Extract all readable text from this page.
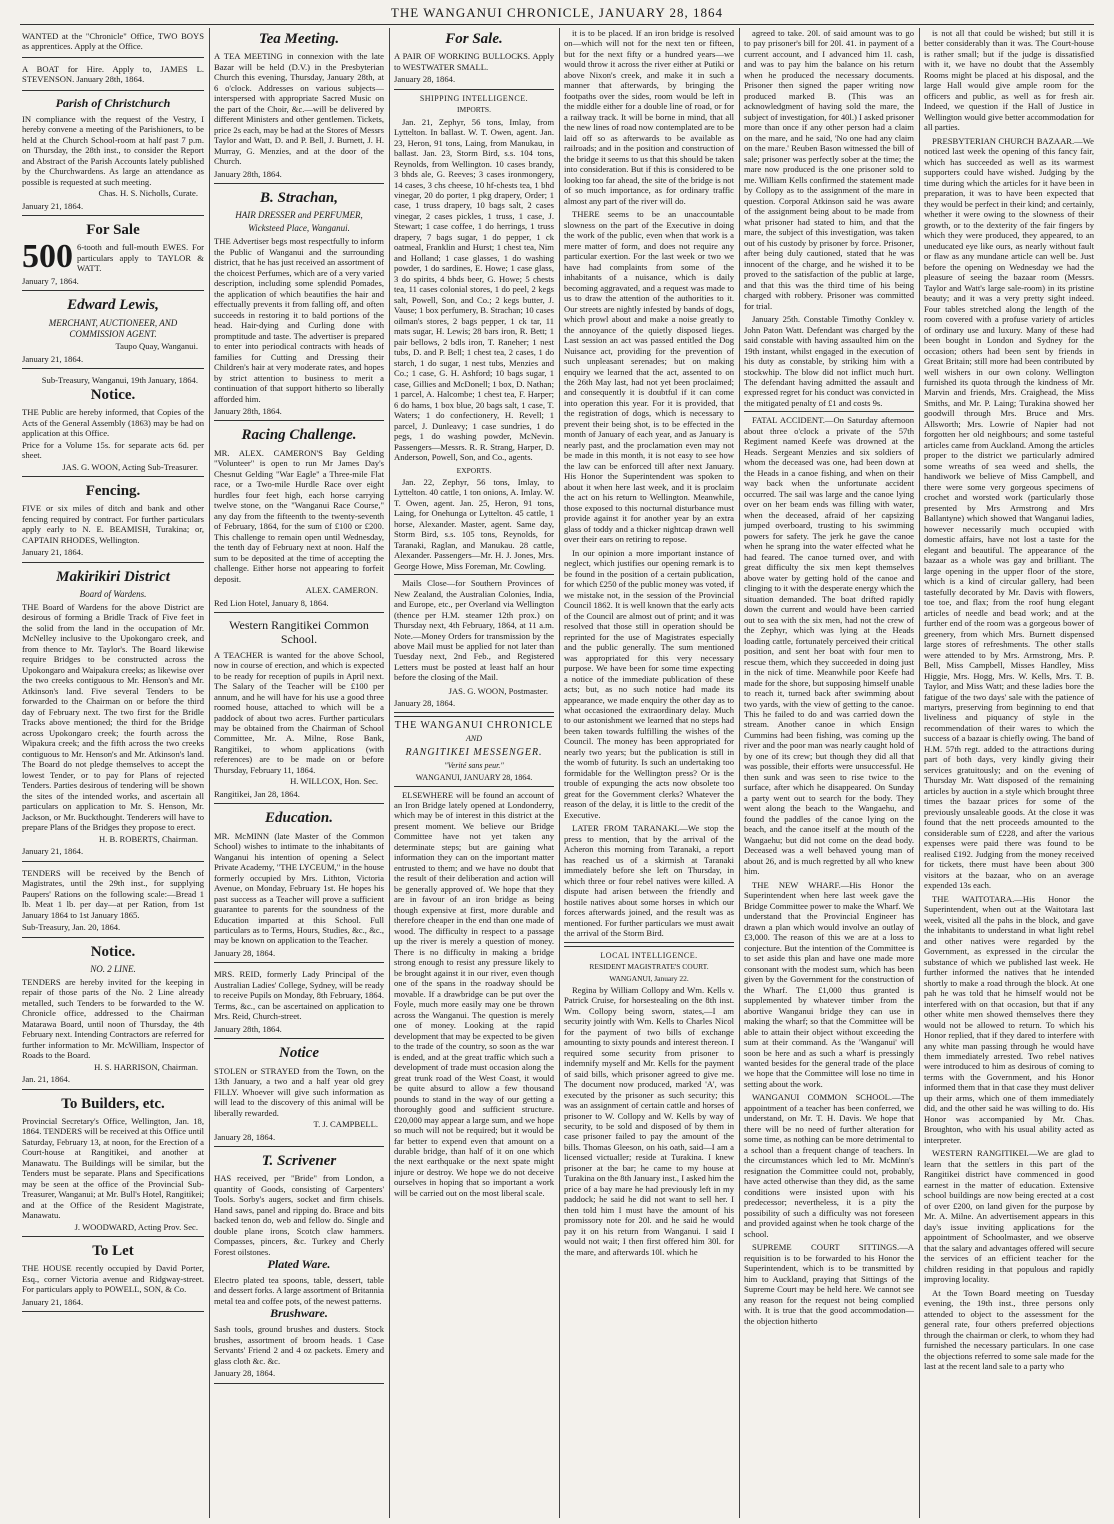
THE WANGANUI CHRONICLE, JANUARY 28, 1864

WANTED at the "Chronicle" Office, TWO BOYS as apprentices. Apply at the Office.

A BOAT for Hire. Apply to, JAMES L. STEVENSON. January 28th, 1864.

Parish of Christchurch

IN compliance with the request of the Vestry, I hereby convene a meeting of the Parishioners, to be held at the Church School-room at half past 7 p.m. on Thursday, the 28th inst., to consider the Report and Abstract of the Parish Accounts lately published by the Churchwardens. As large an attendance as possible is requested at such meeting.

Chas. H. S. Nicholls, Curate.
January 21, 1864.
For Sale
500 6-tooth and full-mouth EWES. For particulars apply to TAYLOR & WATT.

January 7, 1864.
Edward Lewis,
MERCHANT, AUCTIONEER, AND COMMISSION AGENT.
Taupo Quay, Wanganui.
January 21, 1864.
Sub-Treasury, Wanganui, 19th January, 1864.
Notice.

THE Public are hereby informed, that Copies of the Acts of the General Assembly (1863) may be had on application at this Office.

Price for a Volume 15s. for separate acts 6d. per sheet.

JAS. G. WOON, Acting Sub-Treasurer.
Fencing.

FIVE or six miles of ditch and bank and other fencing required by contract. For further particulars apply early to N. E. BEAMISH, Turakina; or, CAPTAIN RHODES, Wellington.

January 21, 1864.
Makirikiri District
Board of Wardens.

THE Board of Wardens for the above District are desirous of forming a Bridle Track of Five feet in the solid from the land in the occupation of Mr. McNelley inclusive to the Upokongaro creek, and from thence to Mr. Taylor's. The Board likewise require Bridges to be constructed across the Upokongaro and Waipakura creeks; as likewise over the two creeks contiguous to Mr. Henson's and Mr. Atkinson's land. Five several Tenders to be forwarded to the Chairman on or before the third day of February next. The two first for the Bridle Tracks above mentioned; the third for the Bridge across Upokongaro creek; the fourth across the Wipakura creek; and the fifth across the two creeks contiguous to Mr. Henson's and Mr. Atkinson's land. The Board do not pledge themselves to accept the lowest Tender, or to pay for Plans of rejected Tenders. Parties desirous of tendering will be shown the sites of the intended works, and ascertain all particulars on application to Mr. S. Henson, Mr. Jackson, or Mr. Buckthought. Tenderers will have to prepare Plans of the Bridges they propose to erect.

H. B. ROBERTS, Chairman.
January 21, 1864.

TENDERS will be received by the Bench of Magistrates, until the 29th inst., for supplying Paupers' Rations on the following scale:—Bread 1 lb. Meat 1 lb. per day—at per Ration, from 1st January 1864 to 1st January 1865.

Sub-Treasury, Jan. 20, 1864.
Notice.
NO. 2 LINE.

TENDERS are hereby invited for the keeping in repair of those parts of the No. 2 Line already metalled, such Tenders to be forwarded to the W. Chronicle office, addressed to the Chairman Matarawa Board, until noon of Thursday, the 4th February next. Intending Contractors are referred for further information to Mr. McWilliam, Inspector of Roads to the Board.

H. S. HARRISON, Chairman.
Jan. 21, 1864.
To Builders, etc.

Provincial Secretary's Office, Wellington, Jan. 18, 1864. TENDERS will be received at this Office until Saturday, February 13, at noon, for the Erection of a Court-house at Rangitikei, and another at Manawatu. The Buildings will be similar, but the Tenders must be separate. Plans and Specifications may be seen at the office of the Provincial Sub-Treasurer, Wanganui; at Mr. Bull's Hotel, Rangitikei; and at the Office of the Resident Magistrate, Manawatu.

J. WOODWARD, Acting Prov. Sec.
To Let

THE HOUSE recently occupied by David Porter, Esq., corner Victoria avenue and Ridgway-street. For particulars apply to POWELL, SON, & Co.

January 21, 1864.
Tea Meeting.

A TEA MEETING in connexion with the late Bazar will be held (D.V.) in the Presbyterian Church this evening, Thursday, January 28th, at 6 o'clock. Addresses on various subjects—interspersed with appropriate Sacred Music on the part of the Choir, &c.—will be delivered by different Ministers and other gentlemen. Tickets, price 2s each, may be had at the Stores of Messrs Taylor and Watt, D. and P. Bell, J. Burnett, J. H. Murray, G. Menzies, and at the door of the Church.

January 28th, 1864.
B. Strachan,
HAIR DRESSER and PERFUMER,
Wicksteed Place, Wanganui.

THE Advertiser begs most respectfully to inform the Public of Wanganui and the surrounding district, that he has just received an assortment of the choicest Perfumes, which are of a very varied description, including some splendid Pomades, the application of which beautifies the hair and effectually prevents it from falling off, and often succeeds in restoring it to bald portions of the head. Hair-dying and Curling done with promptitude and taste. The advertiser is prepared to enter into periodical contracts with heads of families for Cutting and Dressing their Children's hair at very moderate rates, and hopes by strict attention to business to merit a continuation of that support hitherto so liberally afforded him.

January 28th, 1864.
Racing Challenge.

MR. ALEX. CAMERON'S Bay Gelding "Volunteer" is open to run Mr James Day's Chesnut Gelding "War Eagle" a Three-mile Flat race, or a Two-mile Hurdle Race over eight hurdles four feet high, each horse carrying twelve stone, on the "Wanganui Race Course," any day from the fifteenth to the twenty-seventh of February, 1864, for the sum of £100 or £200. This challenge to remain open until Wednesday, the tenth day of February next at noon. Half the sum to be deposited at the time of accepting the challenge. Either horse not appearing to forfeit deposit.

ALEX. CAMERON.
Red Lion Hotel, January 8, 1864.
Western Rangitikei Common School.

A TEACHER is wanted for the above School, now in course of erection, and which is expected to be ready for reception of pupils in April next. The Salary of the Teacher will be £100 per annum, and he will have for his use a good three roomed house, attached to which will be a paddock of about two acres. Further particulars may be obtained from the Chairman of School Committee, Mr. A. Milne, Rose Bank, Rangitikei, to whom applications (with references) are to be made on or before Thursday, February 11, 1864.

H. WILLCOX, Hon. Sec.
Rangitikei, Jan 28, 1864.
Education.

MR. McMINN (late Master of the Common School) wishes to intimate to the inhabitants of Wanganui his intention of opening a Select Private Academy, "THE LYCEUM," in the house formerly occupied by Mrs. Lithton, Victoria Avenue, on Monday, February 1st. He hopes his past success as a Teacher will prove a sufficient guarantee to parents for the soundness of the Education imparted at this School. Full particulars as to Terms, Hours, Studies, &c., &c., may be known on application to the Teacher.

January 28, 1864.

MRS. REID, formerly Lady Principal of the Australian Ladies' College, Sydney, will be ready to receive Pupils on Monday, 8th February, 1864. Terms, &c., can be ascertained on application to Mrs. Reid, Church-street.

January 28th, 1864.
Notice

STOLEN or STRAYED from the Town, on the 13th January, a two and a half year old grey FILLY. Whoever will give such information as will lead to the discovery of this animal will be liberally rewarded.

T. J. CAMPBELL.
January 28, 1864.
T. Scrivener

HAS received, per "Bride" from London, a quantity of Goods, consisting of Carpenters' Tools. Sorby's augers, socket and firm chisels. Hand saws, panel and ripping do. Brace and bits backed tenon do, web and fellow do. Single and double plane irons, Scotch claw hammers. Compasses, pincers, &c. Turkey and Cherly Forest oilstones.

Plated Ware.

Electro plated tea spoons, table, dessert, table and dessert forks. A large assortment of Britannia metal tea and coffee pots, of the newest patterns.

Brushware.

Sash tools, ground brushes and dusters. Stock brushes, assortment of broom heads. 1 Case Servants' Friend 2 and 4 oz packets. Emery and glass cloth &c. &c.

January 28, 1864.
For Sale.

A PAIR OF WORKING BULLOCKS. Apply to WESTWATER SMALL.

January 28, 1864.
SHIPPING INTELLIGENCE.
IMPORTS.

Jan. 21, Zephyr, 56 tons, Imlay, from Lyttelton. In ballast. W. T. Owen, agent. Jan. 23, Heron, 91 tons, Laing, from Manukau, in ballast. Jan. 23, Storm Bird, s.s. 104 tons, Reynolds, from Wellington. 10 cases brandy, 3 bhds ale, G. Reeves; 3 cases ironmongery, 14 cases, 3 chs cheese, 10 hf-chests tea, 1 bhd vinegar, 20 do porter, 1 pkg drapery, Order; 1 case, 1 truss drapery, 10 bags salt, 2 cases vinegar, 2 cases pickles, 1 truss, 1 case, J. Stewart; 1 case coffee, 1 do herrings, 1 truss drapery, 7 bags sugar, 1 do pepper, 1 ck oatmeal, Franklin and Hurst; 1 chest tea, Nim and Holland; 1 case glasses, 1 do washing powder, 1 do sardines, E. Howe; 1 case glass, 3 do spirits, 4 bhds beer, G. Howe; 5 chests tea, 11 cases colonial stores, 1 do peel, 2 kegs salt, Powell, Son, and Co.; 2 kegs butter, J. Vause; 1 box perfumery, B. Strachan; 10 cases oilman's stores, 2 bags pepper, 1 ck tar, 11 mats sugar, H. Lewis; 28 bars iron, R. Bett; 1 pair bellows, 2 bdls iron, T. Raneher; 1 nest tubs, D. and P. Bell; 1 chest tea, 2 cases, 1 do starch, 1 do sugar, 1 nest tubs, Menzies and Co.; 1 case, G. H. Ashford; 10 bags sugar, 1 case, Gillies and McDonell; 1 box, D. Nathan; 1 parcel, A. Halcombe; 1 chest tea, F. Harper; 6 do hams, 1 box blue, 20 bags salt, 1 case, T. Waters; 1 do confectionery, H. Revell; 1 parcel, J. Dunleavy; 1 case sundries, 1 do pegs, 1 do washing powder, McNevin. Passengers—Messrs. R. R. Strang, Harper, D. Anderson, Powell, Son, and Co., agents.

EXPORTS.

Jan. 22, Zephyr, 56 tons, Imlay, to Lyttelton. 40 cattle, 1 ton onions, A. Imlay. W. T. Owen, agent. Jan. 25, Heron, 91 tons, Laing, for Onehunga or Lyttelton. 45 cattle, 1 horse, Alexander. Master, agent. Same day, Storm Bird, s.s. 105 tons, Reynolds, for Taranaki, Raglan, and Manukau. 28 cattle, Alexander. Passengers—Mr. H. J. Jones, Mrs. George Howe, Miss Foreman, Mr. Cowling.

Mails Close—for Southern Provinces of New Zealand, the Australian Colonies, India, and Europe, etc., per Overland via Wellington (thence per H.M. steamer 12th prox.) on Thursday next, 4th February, 1864, at 11 a.m. Note.—Money Orders for transmission by the above Mail must be applied for not later than Tuesday next, 2nd Feb., and Registered Letters must be posted at least half an hour before the closing of the Mail.

JAS. G. WOON, Postmaster.
January 28, 1864.
THE WANGANUI CHRONICLE
AND
RANGITIKEI MESSENGER.
"Verité sans peur."
WANGANUI, JANUARY 28, 1864.

ELSEWHERE will be found an account of an Iron Bridge lately opened at Londonderry, which may be of interest in this district at the present moment. We believe our Bridge Committee have not yet taken any determinate steps; but are gaining what information they can on the important matter entrusted to them; and we have no doubt that the result of their deliberation and action will be generally approved of. We hope that they are in favour of an iron bridge as being though expensive at first, more durable and therefore cheaper in the end than one made of wood. The difficulty in respect to a passage up the river is merely a question of money. There is no difficulty in making a bridge strong enough to resist any pressure likely to be brought against it in our river, even though one of the spans in the roadway should be movable. If a drawbridge can be put over the Foyle, much more easily may one be thrown across the Wanganui. The question is merely one of money. Looking at the rapid development that may be expected to be given to the trade of the country, so soon as the war is ended, and at the great traffic which such a development of trade must occasion along the great trunk road of the West Coast, it would be quite absurd to allow a few thousand pounds to stand in the way of our getting a thoroughly good and sufficient structure. £20,000 may appear a large sum, and we hope so much will not be required; but it would be far better to expend even that amount on a durable bridge, than half of it on one which the next earthquake or the next spate might injure or destroy. We hope we do not deceive ourselves in hoping that so important a work will be carried out on the most liberal scale.

it is to be placed. If an iron bridge is resolved on—which will not for the next ten or fifteen, but for the next fifty or a hundred years—we would throw it across the river either at Putiki or above Nixon's creek, and make it in such a manner that afterwards, by bringing the footpaths over the sides, room would be left in the middle either for a double line of road, or for a railway track. It will be borne in mind, that all the new lines of road now contemplated are to be laid off so as afterwards to be available as railroads; and in the position and construction of the bridge it seems to us that this should be taken into consideration. But if this is considered to be looking too far ahead, the site of the bridge is not of so much importance, as for ordinary traffic almost any part of the river will do.

THERE seems to be an unaccountable slowness on the part of the Executive in doing the work of the public, even when that work is a mere matter of form, and does not require any particular exertion. For the last week or two we have had complaints from some of the inhabitants of a nuisance, which is daily becoming aggravated, and a request was made to us to draw the attention of the authorities to it. Our streets are nightly infested by bands of dogs, which prowl about and make a noise greatly to the annoyance of the quietly disposed lieges. Last session an act was passed entitled the Dog Nuisance act, providing for the prevention of such unpleasant serenades; but on making enquiry we learned that the act, assented to on the 26th May last, had not yet been proclaimed; and consequently it is doubtful if it can come into operation this year. For it is provided, that the registration of dogs, which is necessary to prevent their being shot, is to be effected in the month of January of each year, and as January is nearly past, and the proclamation even may not be made in this month, it is not easy to see how the law can be enforced till after next January. His Honor the Superintendent was spoken to about it when here last week, and it is proclaim the act on his return to Wellington. Meanwhile, those exposed to this nocturnal disturbance must provide against it for another year by an extra glass of toddy and a thicker nightcap drawn well over their ears on retiring to repose.

In our opinion a more important instance of neglect, which justifies our opening remark is to be found in the position of a certain publication, for which £250 of the public money was voted, if we mistake not, in the session of the Provincial Council 1862. It is well known that the early acts of the Council are almost out of print; and it was resolved that those still in operation should be reprinted for the use of Magistrates especially and the public generally. The sum mentioned was appropriated for this very necessary purpose. We have been for some time expecting a notice of the immediate publication of these acts; but, as no such notice had made its appearance, we made enquiry the other day as to what occasioned the extraordinary delay. Much to our astonishment we learned that no steps had been taken towards fulfilling the wishes of the Council. The money has been appropriated for nearly two years; but the publication is still in the womb of futurity. Is such an undertaking too formidable for the Wellington press? Or is the trouble of expunging the acts now obsolete too great for the Government clerks? Whatever the reason of the delay, it is little to the credit of the Executive.

LATER FROM TARANAKI.—We stop the press to mention, that by the arrival of the Acheron this morning from Taranaki, a report has reached us of a skirmish at Taranaki immediately before she left on Thursday, in which three or four rebel natives were killed. A dispute had arisen between the friendly and hostile natives about some horses in which our forces afterwards joined, and the result was as mentioned. For further particulars we must await the arrival of the Storm Bird.

LOCAL INTELLIGENCE.
RESIDENT MAGISTRATE'S COURT.
WANGANUI, January 22.

Regina by William Collopy and Wm. Kells v. Patrick Cruise, for horsestealing on the 8th inst. Wm. Collopy being sworn, states,—I am security jointly with Wm. Kells to Charles Nicol for the payment of two bills of exchange amounting to sixty pounds and interest thereon. I required some security from prisoner to indemnify myself and Mr. Kells for the payment of said bills, which prisoner agreed to give me. The document now produced, marked 'A', was executed by the prisoner as such security; this was an assignment of certain cattle and horses of prisoner to W. Collopy and W. Kells by way of security, to be sold and disposed of by them in case prisoner failed to pay the amount of the bills. Thomas Gleeson, on his oath, said—I am a licensed victualler; reside at Turakina. I knew prisoner at the bar; he came to my house at Turakina on the 8th January inst., I asked him the price of a bay mare he had previously left in my paddock; he said he did not want to sell her. I then told him I must have the amount of his promissory note for 20l. and he said he would pay it on his return from Wanganui. I said I would not wait; I then first offered him 30l. for the mare, and afterwards 10l. which he

agreed to take. 20l. of said amount was to go to pay prisoner's bill for 20l. 41. in payment of a current account, and I advanced him 1l. cash, and was to pay him the balance on his return when he produced the necessary documents. Prisoner then signed the paper writing now produced marked B. (This was an acknowledgment of having sold the mare, the subject of investigation, for 40l.) I asked prisoner more than once if any other person had a claim on the mare, and he said, 'No one had any claim on the mare.' Reuben Bason witnessed the bill of sale; prisoner was perfectly sober at the time; the mare now produced is the one prisoner sold to me. William Kells confirmed the statement made by Collopy as to the assignment of the mare in question. Corporal Atkinson said he was aware of the assignment being about to be made from what prisoner had stated to him, and that the mare, the subject of this investigation, was taken out of his custody by prisoner by force. Prisoner, after being duly cautioned, stated that he was innocent of the charge, and he wished it to be proved to the satisfaction of the public at large, and that this was the third time of his being charged with robbery. Prisoner was committed for trial.

January 25th. Constable Timothy Conkley v. John Paton Watt. Defendant was charged by the said constable with having assaulted him on the 19th instant, whilst engaged in the execution of his duty as constable, by striking him with a stockwhip. The blow did not inflict much hurt. The defendant having admitted the assault and expressed regret for his conduct was convicted in the mitigated penalty of £1 and costs 9s.

FATAL ACCIDENT.—On Saturday afternoon about three o'clock a private of the 57th Regiment named Keefe was drowned at the Heads. Sergeant Menzies and six soldiers of whom the deceased was one, had been down at the Heads in a canoe fishing, and when on their way back when the unfortunate accident occurred. The sail was large and the canoe lying over on her beam ends was filling with water, when the deceased, afraid of her capsizing jumped overboard, trusting to his swimming powers for safety. The jerk he gave the canoe when he sprang into the water effected what he had feared. The canoe turned over, and with great difficulty the six men kept themselves above water by getting hold of the canoe and clinging to it with the desperate energy which the situation demanded. The boat drifted rapidly down the current and would have been carried out to sea with the six men, had not the crew of the Zephyr, which was lying at the Heads loading cattle, fortunately perceived their critical position, and sent her boat with four men to rescue them, which they succeeded in doing just in the nick of time. Meanwhile poor Keefe had made for the shore, but supposing himself unable to reach it, turned back after swimming about two yards, with the view of getting to the canoe. This he failed to do and was carried down the stream. Another canoe in which Ensign Cummins had been fishing, was coming up the river and the poor man was nearly caught hold of by one of its crew; but though they did all that was possible, their efforts were unsuccessful. He then sunk and was seen to rise twice to the surface, after which he disappeared. On Sunday a party went out to search for the body. They went along the beach to the Wangaehu, and found the paddles of the canoe lying on the beach, and the canoe itself at the mouth of the Wangaehu; but did not come on the dead body. Deceased was a well behaved young man of about 26, and is much regretted by all who knew him.

THE NEW WHARF.—His Honor the Superintendent when here last week gave the Bridge Committee power to make the Wharf. We understand that the Provincial Engineer has drawn a plan which would involve an outlay of £3,000. The reason of this we are at a loss to conjecture. But the intention of the Committee is to set aside this plan and have one made more consonant with the modest sum, which has been given by the Government for the construction of the Wharf. The £1,000 thus granted is supplemented by whatever timber from the abortive Wanganui bridge they can use in making the wharf; so that the Committee will be able to attain their object without exceeding the sum at their command. As the 'Wanganui' will soon be here and as such a wharf is pressingly wanted besides for the general trade of the place we hope that the Committee will lose no time in setting about the work.

WANGANUI COMMON SCHOOL.—The appointment of a teacher has been conferred, we understand, on Mr. T. H. Davis. We hope that there will be no need of further alteration for some time, as nothing can be more detrimental to a school than a frequent change of teachers. In the circumstances which led to Mr. McMinn's resignation the Committee could not, probably, have acted otherwise than they did, as the same conditions were insisted upon with his predecessor; nevertheless, it is a pity the possibility of such a difficulty was not foreseen and provided against when he took charge of the school.

SUPREME COURT SITTINGS.—A requisition is to be forwarded to his Honor the Superintendent, which is to be transmitted by him to Auckland, praying that Sittings of the Supreme Court may be held here. We cannot see any reason for the request not being complied with. It is true that the good accommodation—the objection hitherto

is not all that could be wished; but still it is better considerably than it was. The Court-house is rather small; but if the judge is dissatisfied with it, we have no doubt that the Assembly Rooms might be placed at his disposal, and the large Hall would give ample room for the officers and public, as well as for fresh air. Indeed, we question if the Hall of Justice in Wellington would give better accommodation for all parties.

PRESBYTERIAN CHURCH BAZAAR.—We noticed last week the opening of this fancy fair, which has succeeded as well as its warmest supporters could have wished. Judging by the time during which the articles for it have been in preparation, it was to have been expected that they would be perfect in their kind; and certainly, whether it were owing to the slowness of their growth, or to the dexterity of the fair fingers by which they were produced, they appeared, to an uneducated eye like ours, as nearly without fault or flaw as any mundane article can well be. Just before the opening on Wednesday we had the pleasure of seeing the bazaar room (Messrs. Taylor and Watt's large sale-room) in its pristine beauty; and it was a very pretty sight indeed. Four tables stretched along the length of the room covered with a profuse variety of articles of ordinary use and luxury. Many of these had been bought in London and Sydney for the occasion; others had been sent by friends in Great Britain; still more had been contributed by well wishers in our own colony. Wellington furnished its quota through the kindness of Mr. Marvin and friends, Mrs. Craighead, the Miss Smiths, and Mr. P. Laing; Turakina showed her goodwill through Mrs. Bruce and Mrs. Allsworth; Mrs. Lowrie of Napier had not forgotten her old neighbours; and some tasteful articles came from Auckland. Among the articles proper to the district we particularly admired some wreaths of sea weed and shells, the handiwork we believe of Miss Campbell, and there were some very gorgeous specimens of crochet and worsted work (particularly those presented by Mrs Armstrong and Mrs Ballantyne) which showed that Wanganui ladies, however necessarily much occupied with domestic affairs, have not lost a taste for the elegant and beautiful. The appearance of the bazaar as a whole was gay and brilliant. The large opening in the upper floor of the store, which is a kind of circular gallery, had been tastefully decorated by Mr. Davis with flowers, toe toe, and flax; from the roof hung elegant articles of needle and bead work; and at the further end of the room was a gorgeous bower of greenery, from which Mrs. Burnett dispensed large stores of refreshments. The other stalls were attended to by Mrs. Armstrong, Mrs. P. Bell, Miss Campbell, Misses Handley, Miss Higgie, Mrs. Hogg, Mrs. W. Kells, Mrs. T. B. Taylor, and Miss Watt; and these ladies bore the fatigue of the two days' sale with the patience of martyrs, preserving from beginning to end that liveliness and piquancy of style in the recommendation of their wares to which the success of a bazaar is chiefly owing. The band of H.M. 57th regt. added to the attractions during part of both days, very kindly giving their services gratuitously; and on the evening of Thursday Mr. Watt disposed of the remaining articles by auction in a style which brought three times the bazaar prices for some of the previously unsaleable goods. At the close it was found that the nett proceeds amounted to the considerable sum of £228, and after the various expenses were paid there was found to be realised £192. Judging from the money received for tickets, there must have been about 300 visitors at the bazaar, who on an average expended 13s each.

THE WAITOTARA.—His Honor the Superintendent, when out at the Waitotara last week, visited all the pahs in the block, and gave the inhabitants to understand in what light rebel and other natives were regarded by the Government, as expressed in the circular the substance of which we published last week. He further informed the natives that he intended shortly to make a road through the block. At one pah he was told that he himself would not be interfered with on that occasion, but that if any other white men showed themselves there they would not be allowed to return. To which his Honor replied, that if they dared to interfere with any white man passing through he would have them immediately arrested. Two rebel natives were introduced to him as desirous of coming to terms with the Government, and his Honor informed them that in that case they must deliver up their arms, which one of them immediately did, and the other said he was willing to do. His Honor was accompanied by Mr. Chas. Broughton, who with his usual ability acted as interpreter.

WESTERN RANGITIKEI.—We are glad to learn that the settlers in this part of the Rangitikei district have commenced in good earnest in the matter of education. Extensive school buildings are now being erected at a cost of over £200, on land given for the purpose by Mr. A. Milne. An advertisement appears in this day's issue inviting applications for the appointment of Schoolmaster, and we observe that the salary and advantages offered will secure the services of an efficient teacher for the children residing in that populous and rapidly improving locality.

At the Town Board meeting on Tuesday evening, the 19th inst., three persons only attended to object to the assessment for the general rate, four others preferred objections through the chairman or clerk, to whom they had furnished the necessary particulars. In one case the objections referred to some sale made for the last at the recent land sale to a party who
